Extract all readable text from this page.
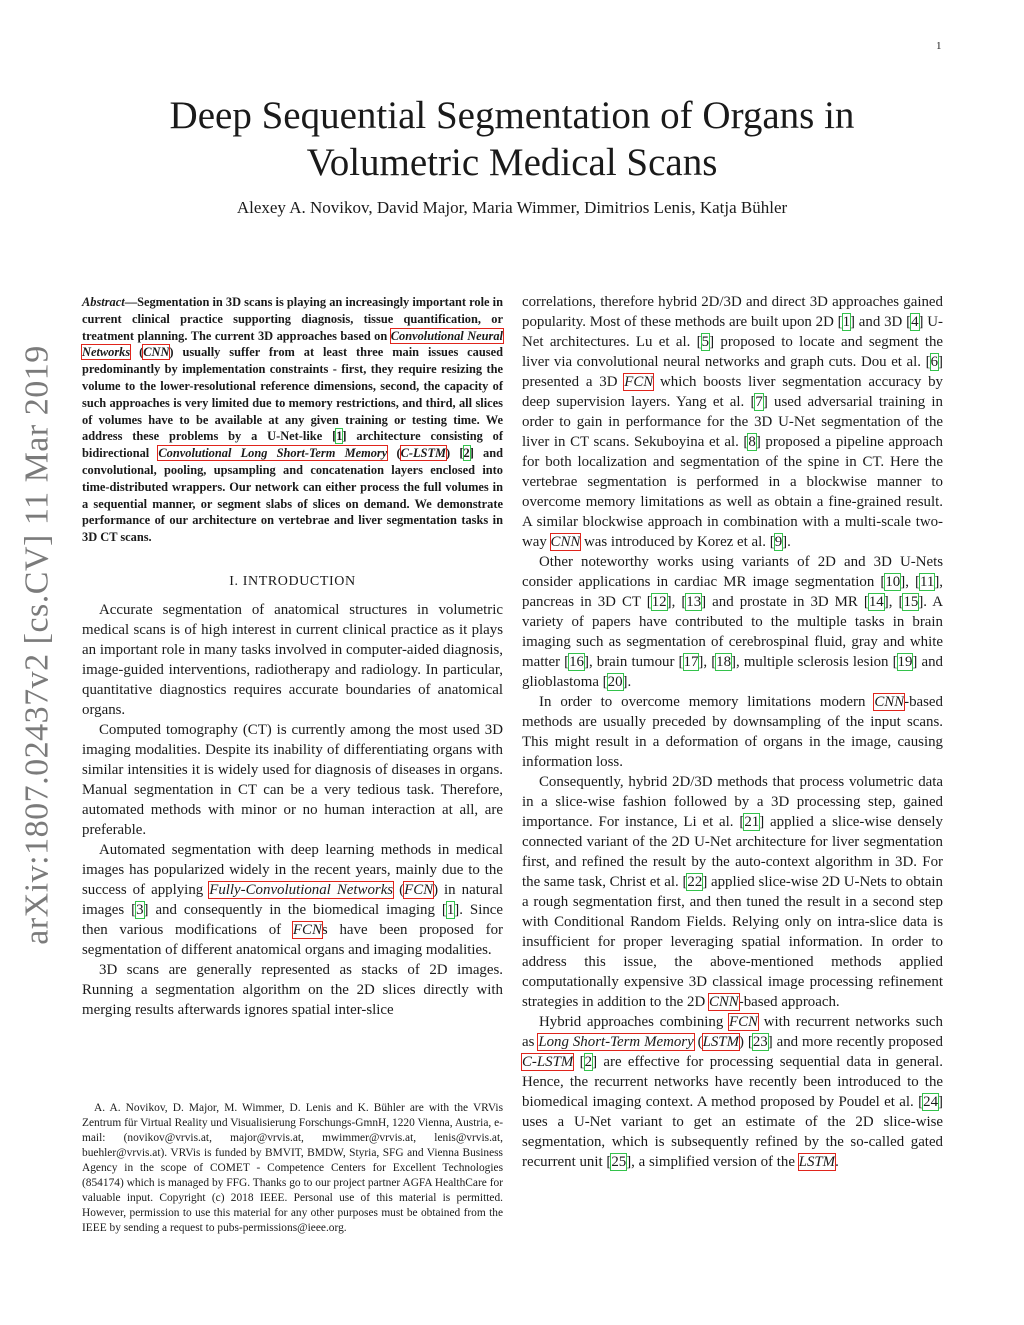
1
arXiv:1807.02437v2 [cs.CV] 11 Mar 2019
Deep Sequential Segmentation of Organs in Volumetric Medical Scans
Alexey A. Novikov, David Major, Maria Wimmer, Dimitrios Lenis, Katja Bühler

Abstract—Segmentation in 3D scans is playing an increasingly important role in current clinical practice supporting diagnosis, tissue quantification, or treatment planning. The current 3D approaches based on Convolutional Neural Networks (CNN) usually suffer from at least three main issues caused predominantly by implementation constraints - first, they require resizing the volume to the lower-resolutional reference dimensions, second, the capacity of such approaches is very limited due to memory restrictions, and third, all slices of volumes have to be available at any given training or testing time. We address these problems by a U-Net-like [1] architecture consisting of bidirectional Convolutional Long Short-Term Memory (C-LSTM) [2] and convolutional, pooling, upsampling and concatenation layers enclosed into time-distributed wrappers. Our network can either process the full volumes in a sequential manner, or segment slabs of slices on demand. We demonstrate performance of our architecture on vertebrae and liver segmentation tasks in 3D CT scans.

I. INTRODUCTION

Accurate segmentation of anatomical structures in volumetric medical scans is of high interest in current clinical practice as it plays an important role in many tasks involved in computer-aided diagnosis, image-guided interventions, radiotherapy and radiology. In particular, quantitative diagnostics requires accurate boundaries of anatomical organs.

Computed tomography (CT) is currently among the most used 3D imaging modalities. Despite its inability of differentiating organs with similar intensities it is widely used for diagnosis of diseases in organs. Manual segmentation in CT can be a very tedious task. Therefore, automated methods with minor or no human interaction at all, are preferable.

Automated segmentation with deep learning methods in medical images has popularized widely in the recent years, mainly due to the success of applying Fully-Convolutional Networks (FCN) in natural images [3] and consequently in the biomedical imaging [1]. Since then various modifications of FCNs have been proposed for segmentation of different anatomical organs and imaging modalities.

3D scans are generally represented as stacks of 2D images. Running a segmentation algorithm on the 2D slices directly with merging results afterwards ignores spatial inter-slice

A. A. Novikov, D. Major, M. Wimmer, D. Lenis and K. Bühler are with the VRVis Zentrum für Virtual Reality und Visualisierung Forschungs-GmnH, 1220 Vienna, Austria, e-mail: (novikov@vrvis.at, major@vrvis.at, mwimmer@vrvis.at, lenis@vrvis.at, buehler@vrvis.at). VRVis is funded by BMVIT, BMDW, Styria, SFG and Vienna Business Agency in the scope of COMET - Competence Centers for Excellent Technologies (854174) which is managed by FFG. Thanks go to our project partner AGFA HealthCare for valuable input. Copyright (c) 2018 IEEE. Personal use of this material is permitted. However, permission to use this material for any other purposes must be obtained from the IEEE by sending a request to pubs-permissions@ieee.org.

correlations, therefore hybrid 2D/3D and direct 3D approaches gained popularity. Most of these methods are built upon 2D [1] and 3D [4] U-Net architectures. Lu et al. [5] proposed to locate and segment the liver via convolutional neural networks and graph cuts. Dou et al. [6] presented a 3D FCN which boosts liver segmentation accuracy by deep supervision layers. Yang et al. [7] used adversarial training in order to gain in performance for the 3D U-Net segmentation of the liver in CT scans. Sekuboyina et al. [8] proposed a pipeline approach for both localization and segmentation of the spine in CT. Here the vertebrae segmentation is performed in a blockwise manner to overcome memory limitations as well as obtain a fine-grained result. A similar blockwise approach in combination with a multi-scale two-way CNN was introduced by Korez et al. [9].

Other noteworthy works using variants of 2D and 3D U-Nets consider applications in cardiac MR image segmentation [10], [11], pancreas in 3D CT [12], [13] and prostate in 3D MR [14], [15]. A variety of papers have contributed to the multiple tasks in brain imaging such as segmentation of cerebrospinal fluid, gray and white matter [16], brain tumour [17], [18], multiple sclerosis lesion [19] and glioblastoma [20].

In order to overcome memory limitations modern CNN-based methods are usually preceded by downsampling of the input scans. This might result in a deformation of organs in the image, causing information loss.

Consequently, hybrid 2D/3D methods that process volumetric data in a slice-wise fashion followed by a 3D processing step, gained importance. For instance, Li et al. [21] applied a slice-wise densely connected variant of the 2D U-Net architecture for liver segmentation first, and refined the result by the auto-context algorithm in 3D. For the same task, Christ et al. [22] applied slice-wise 2D U-Nets to obtain a rough segmentation first, and then tuned the result in a second step with Conditional Random Fields. Relying only on intra-slice data is insufficient for proper leveraging spatial information. In order to address this issue, the above-mentioned methods applied computationally expensive 3D classical image processing refinement strategies in addition to the 2D CNN-based approach.

Hybrid approaches combining FCN with recurrent networks such as Long Short-Term Memory (LSTM) [23] and more recently proposed C-LSTM [2] are effective for processing sequential data in general. Hence, the recurrent networks have recently been introduced to the biomedical imaging context. A method proposed by Poudel et al. [24] uses a U-Net variant to get an estimate of the 2D slice-wise segmentation, which is subsequently refined by the so-called gated recurrent unit [25], a simplified version of the LSTM.
